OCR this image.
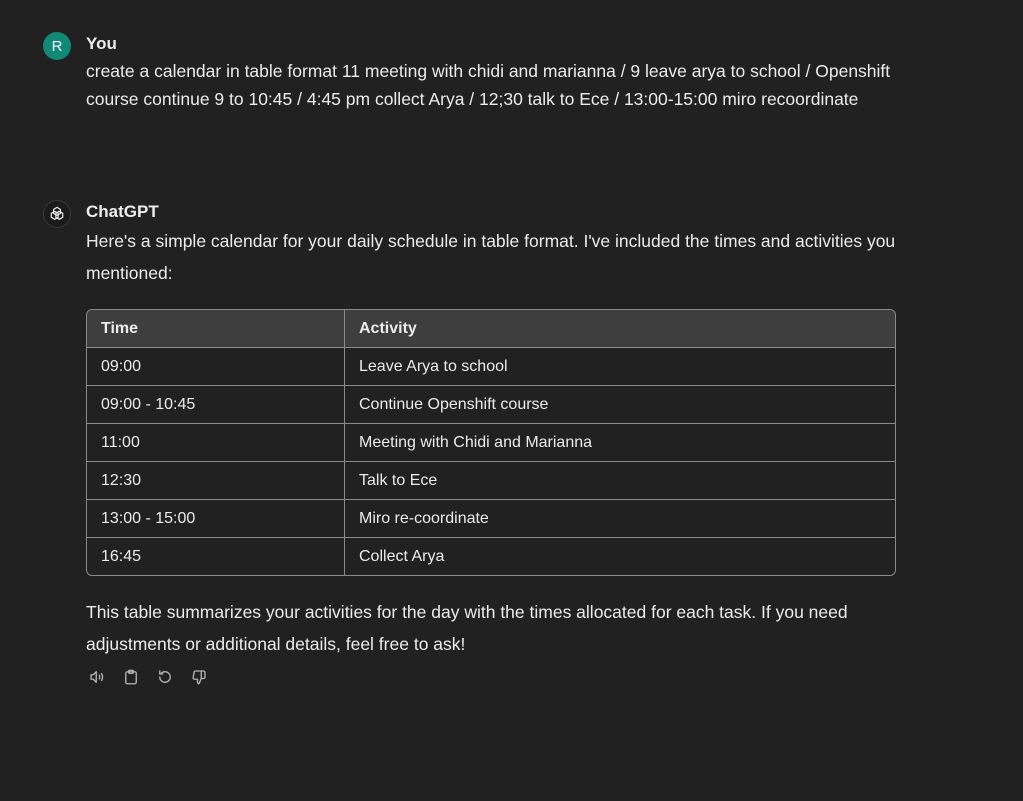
R You

create a calendar in table format 11 meeting with chidi and marianna / 9 leave arya to school / Openshift course continue 9 to 10:45 / 4:45 pm collect Arya / 12;30 talk to Ece / 13:00-15:00 miro recoordinate

ChatGPT

Here's a simple calendar for your daily schedule in table format. I've included the times and activities you mentioned:

Time	Activity
09:00	Leave Arya to school
09:00 - 10:45	Continue Openshift course
11:00	Meeting with Chidi and Marianna
12:30	Talk to Ece
13:00 - 15:00	Miro re-coordinate
16:45	Collect Arya

This table summarizes your activities for the day with the times allocated for each task. If you need adjustments or additional details, feel free to ask!
